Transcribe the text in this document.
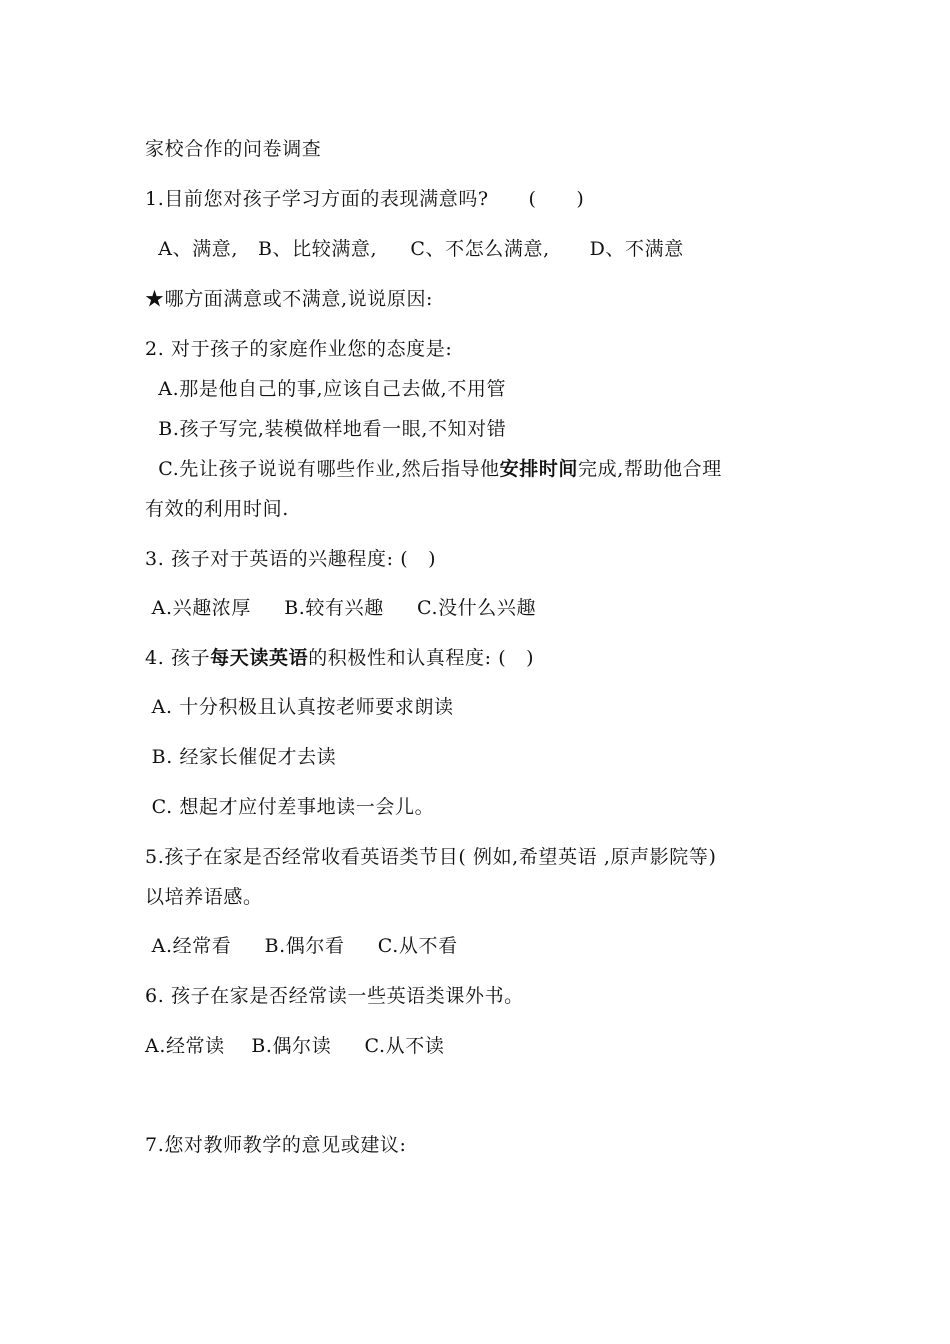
家校合作的问卷调查
1.目前您对孩子学习方面的表现满意吗?      (      )
A、满意,   B、比较满意,     C、不怎么满意,      D、不满意
★哪方面满意或不满意,说说原因:
2. 对于孩子的家庭作业您的态度是:
A.那是他自己的事,应该自己去做,不用管
B.孩子写完,装模做样地看一眼,不知对错
C.先让孩子说说有哪些作业,然后指导他安排时间完成,帮助他合理
有效的利用时间.
3. 孩子对于英语的兴趣程度: (   )
A.兴趣浓厚     B.较有兴趣     C.没什么兴趣
4. 孩子每天读英语的积极性和认真程度: (   )
A. 十分积极且认真按老师要求朗读
B. 经家长催促才去读
C. 想起才应付差事地读一会儿。
5.孩子在家是否经常收看英语类节目( 例如,希望英语 ,原声影院等)
以培养语感。
A.经常看     B.偶尔看     C.从不看
6. 孩子在家是否经常读一些英语类课外书。
A.经常读    B.偶尔读     C.从不读
7.您对教师教学的意见或建议:
